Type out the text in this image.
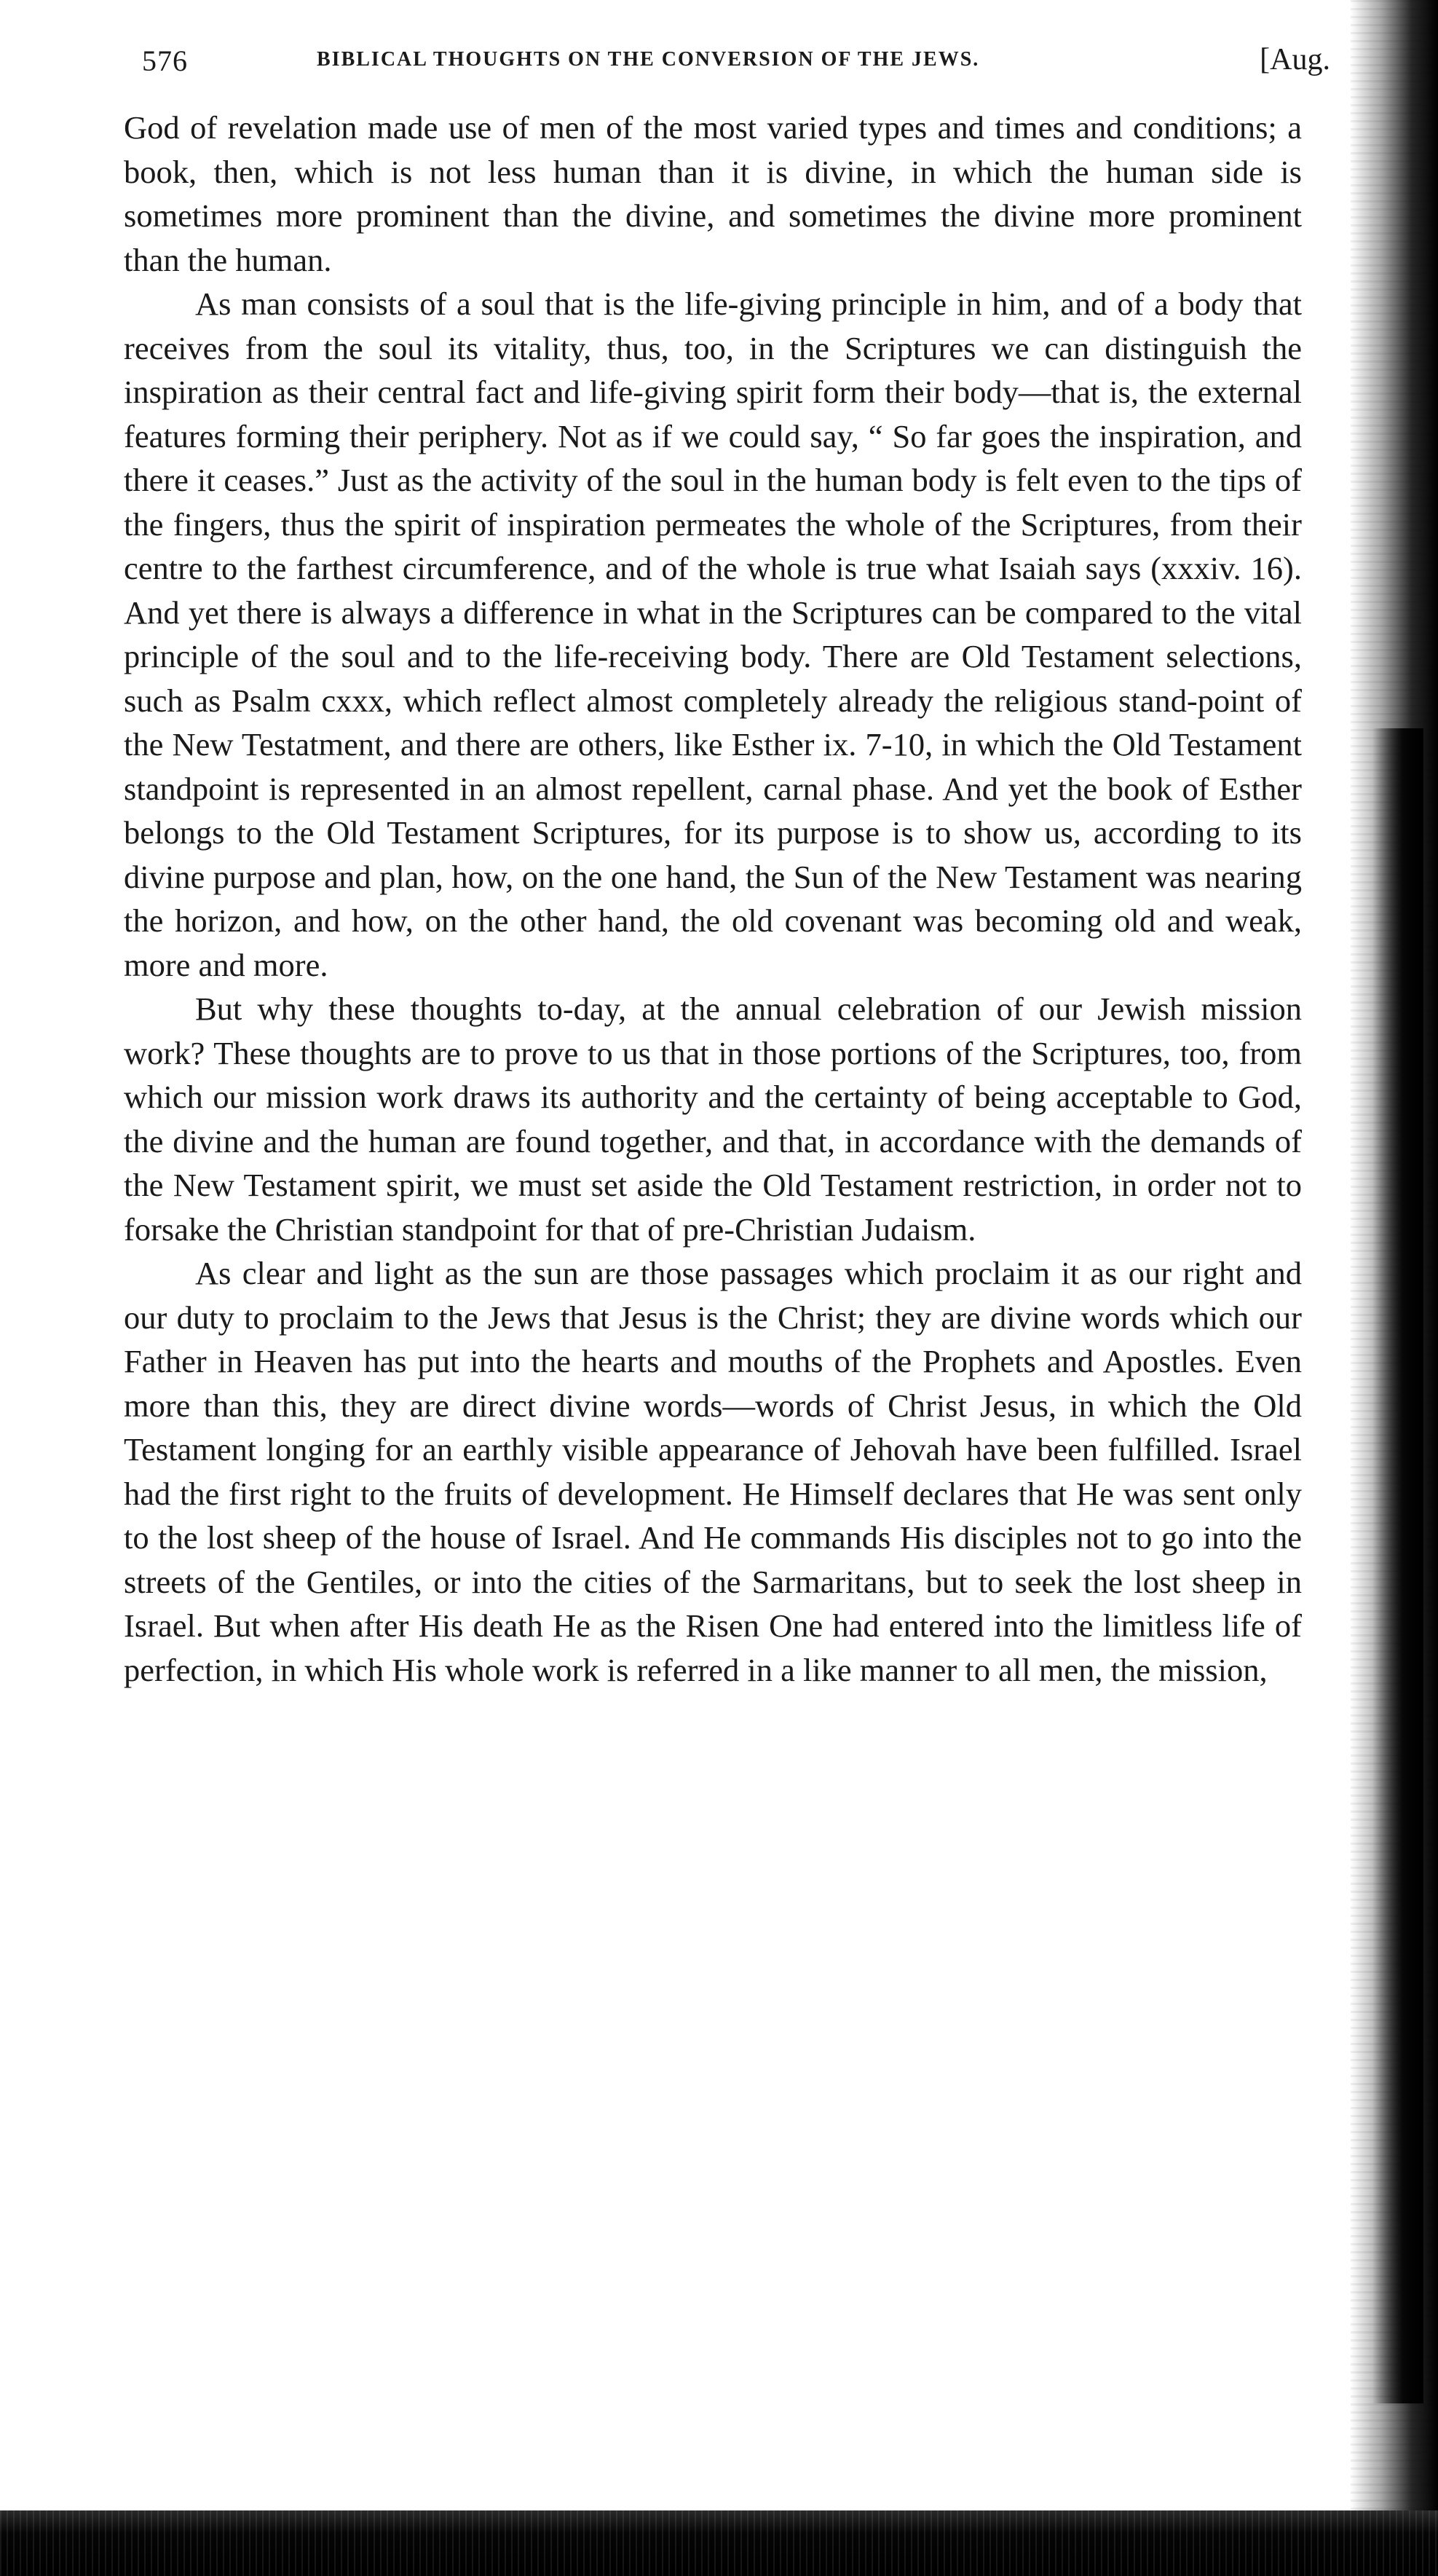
576	BIBLICAL THOUGHTS ON THE CONVERSION OF THE JEWS.	[Aug.

God of revelation made use of men of the most varied types and times and conditions; a book, then, which is not less human than it is divine, in which the human side is sometimes more prominent than the divine, and sometimes the divine more prominent than the human.

As man consists of a soul that is the life-giving principle in him, and of a body that receives from the soul its vitality, thus, too, in the Scriptures we can distinguish the inspiration as their central fact and life-giving spirit form their body—that is, the external features forming their periphery. Not as if we could say, “ So far goes the inspiration, and there it ceases.” Just as the activity of the soul in the human body is felt even to the tips of the fingers, thus the spirit of inspiration permeates the whole of the Scriptures, from their centre to the farthest circumference, and of the whole is true what Isaiah says (xxxiv. 16). And yet there is always a difference in what in the Scriptures can be compared to the vital principle of the soul and to the life-receiving body. There are Old Testament selections, such as Psalm cxxx, which reflect almost completely already the religious stand-point of the New Testatment, and there are others, like Esther ix. 7-10, in which the Old Testament standpoint is represented in an almost repellent, carnal phase. And yet the book of Esther belongs to the Old Testament Scriptures, for its purpose is to show us, according to its divine purpose and plan, how, on the one hand, the Sun of the New Testament was nearing the horizon, and how, on the other hand, the old covenant was becoming old and weak, more and more.

But why these thoughts to-day, at the annual celebration of our Jewish mission work? These thoughts are to prove to us that in those portions of the Scriptures, too, from which our mission work draws its authority and the certainty of being acceptable to God, the divine and the human are found together, and that, in accordance with the demands of the New Testament spirit, we must set aside the Old Testament restriction, in order not to forsake the Christian standpoint for that of pre-Christian Judaism.

As clear and light as the sun are those passages which proclaim it as our right and our duty to proclaim to the Jews that Jesus is the Christ; they are divine words which our Father in Heaven has put into the hearts and mouths of the Prophets and Apostles. Even more than this, they are direct divine words—words of Christ Jesus, in which the Old Testament longing for an earthly visible appearance of Jehovah have been fulfilled. Israel had the first right to the fruits of development. He Himself declares that He was sent only to the lost sheep of the house of Israel. And He commands His disciples not to go into the streets of the Gentiles, or into the cities of the Sarmaritans, but to seek the lost sheep in Israel. But when after His death He as the Risen One had entered into the limitless life of perfection, in which His whole work is referred in a like manner to all men, the mission,
